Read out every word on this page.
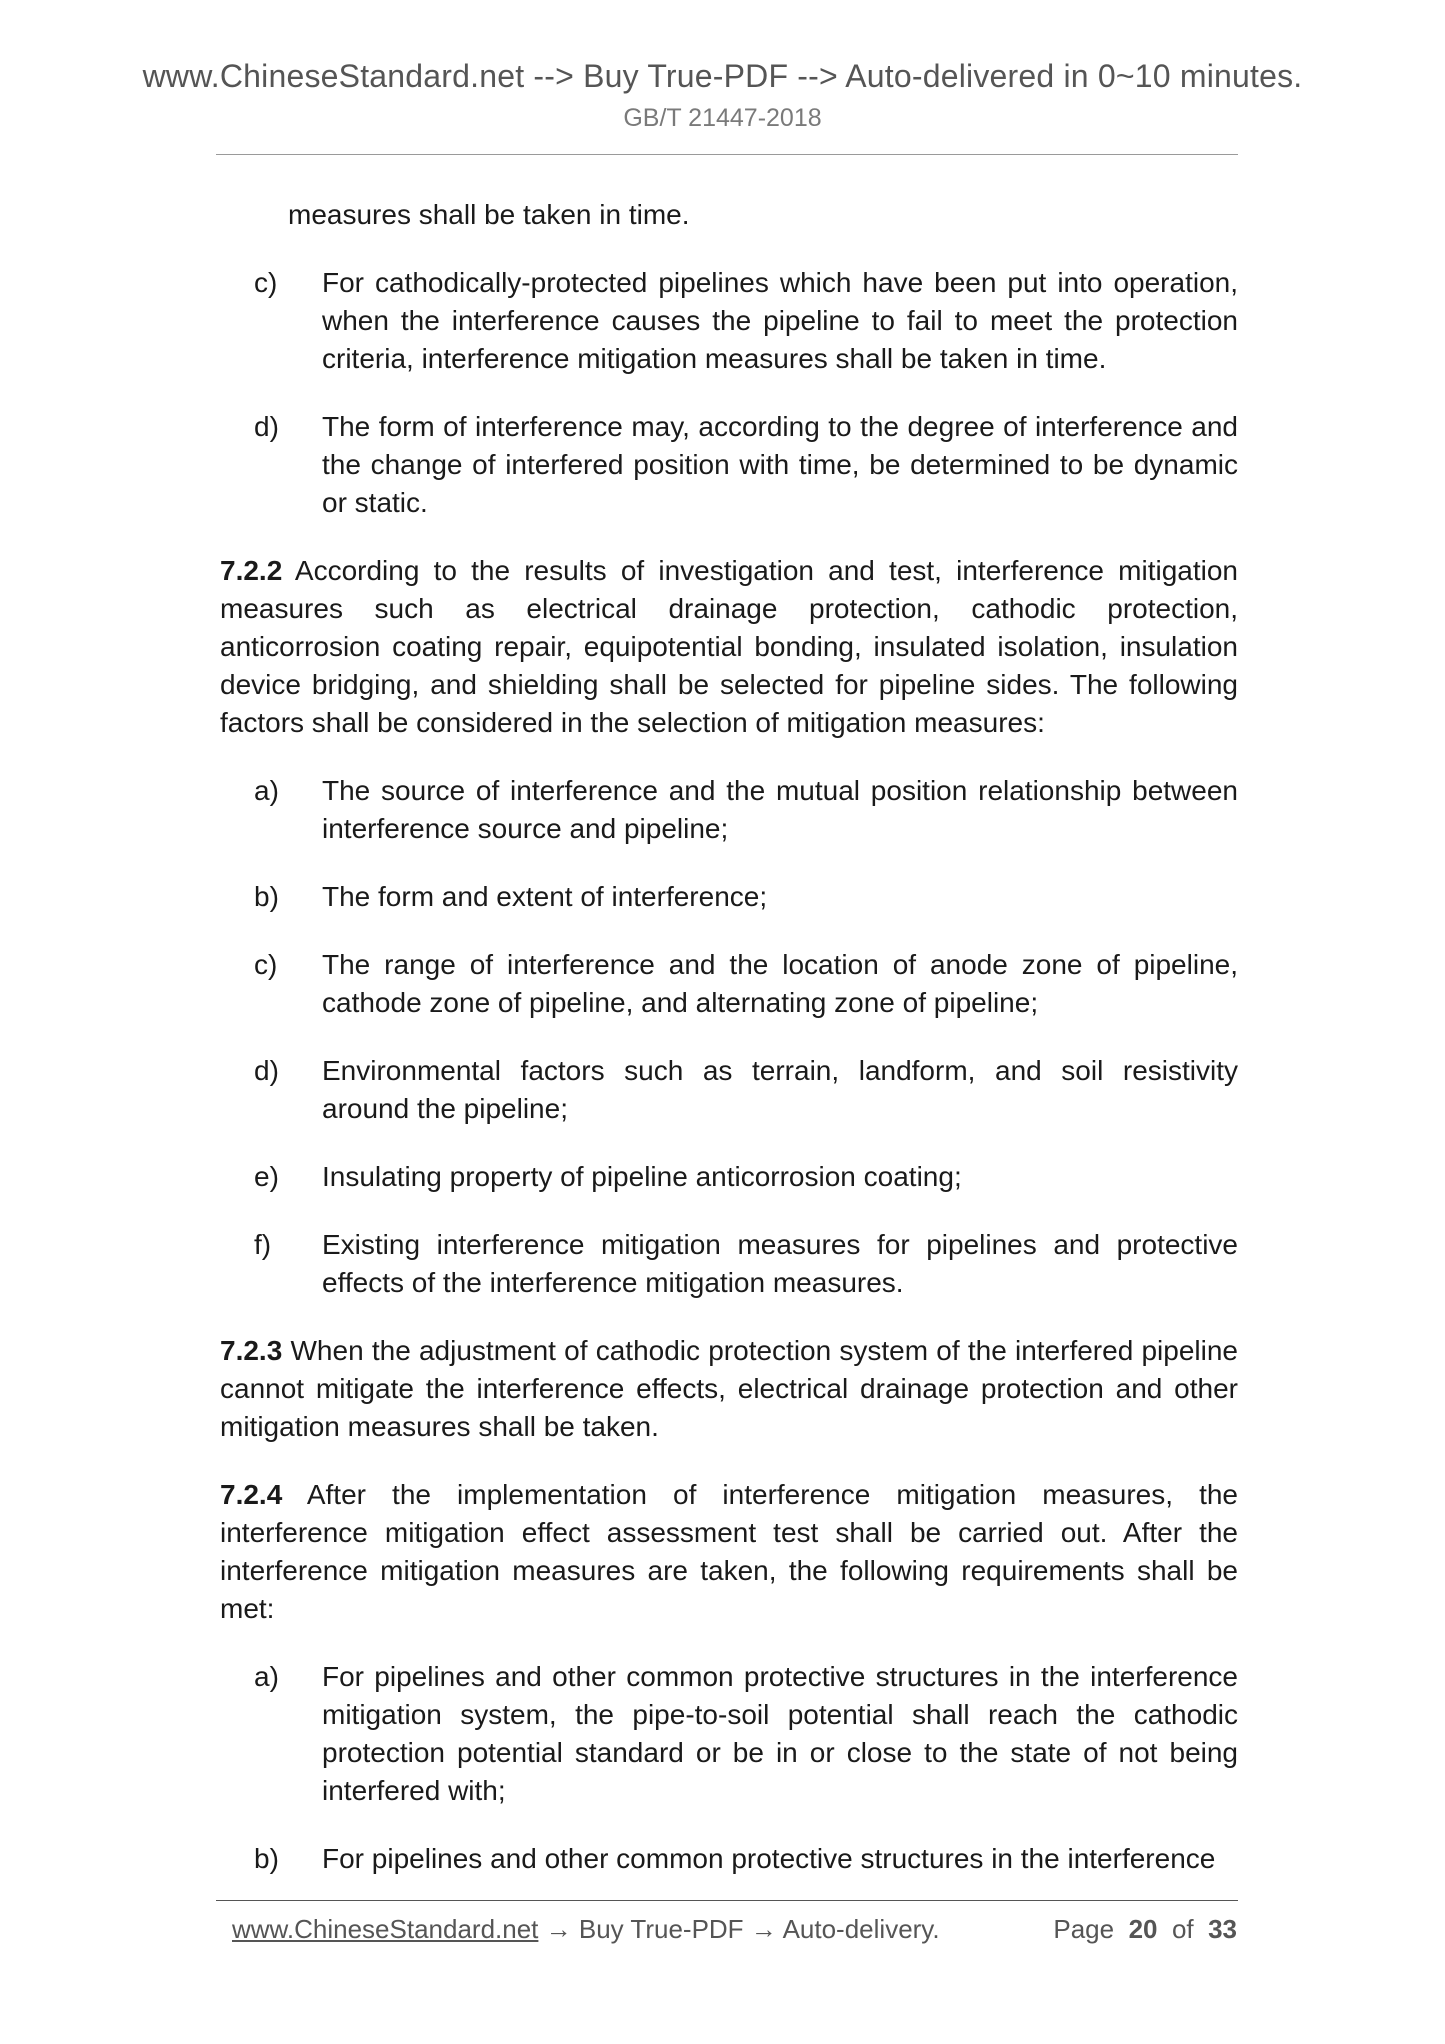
www.ChineseStandard.net --> Buy True-PDF --> Auto-delivered in 0~10 minutes.
GB/T 21447-2018

measures shall be taken in time.

c) For cathodically-protected pipelines which have been put into operation, when the interference causes the pipeline to fail to meet the protection criteria, interference mitigation measures shall be taken in time.
d) The form of interference may, according to the degree of interference and the change of interfered position with time, be determined to be dynamic or static.

7.2.2 According to the results of investigation and test, interference mitigation measures such as electrical drainage protection, cathodic protection, anticorrosion coating repair, equipotential bonding, insulated isolation, insulation device bridging, and shielding shall be selected for pipeline sides. The following factors shall be considered in the selection of mitigation measures:

a) The source of interference and the mutual position relationship between interference source and pipeline;
b) The form and extent of interference;
c) The range of interference and the location of anode zone of pipeline, cathode zone of pipeline, and alternating zone of pipeline;
d) Environmental factors such as terrain, landform, and soil resistivity around the pipeline;
e) Insulating property of pipeline anticorrosion coating;
f) Existing interference mitigation measures for pipelines and protective effects of the interference mitigation measures.

7.2.3 When the adjustment of cathodic protection system of the interfered pipeline cannot mitigate the interference effects, electrical drainage protection and other mitigation measures shall be taken.

7.2.4 After the implementation of interference mitigation measures, the interference mitigation effect assessment test shall be carried out. After the interference mitigation measures are taken, the following requirements shall be met:

a) For pipelines and other common protective structures in the interference mitigation system, the pipe-to-soil potential shall reach the cathodic protection potential standard or be in or close to the state of not being interfered with;
b) For pipelines and other common protective structures in the interference
www.ChineseStandard.net → Buy True-PDF → Auto-delivery.	Page 20 of 33
